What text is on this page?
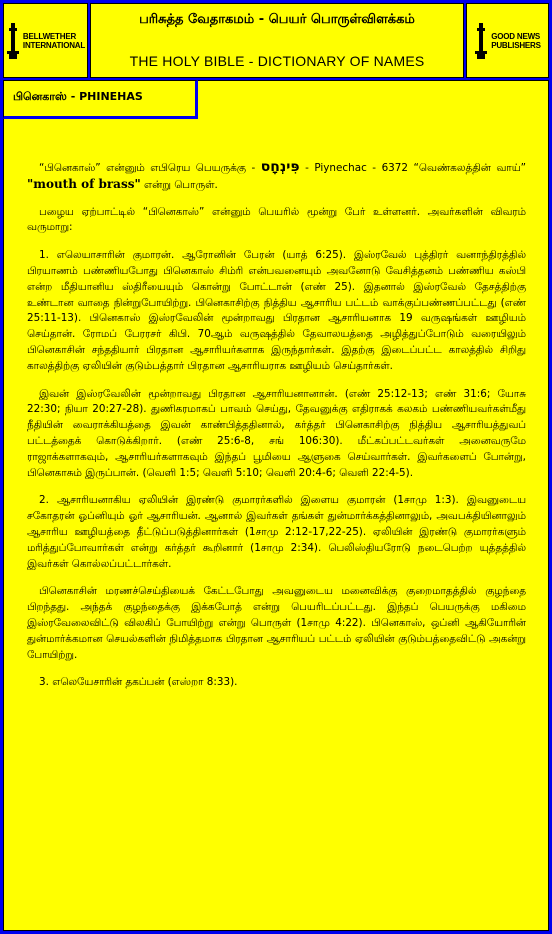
BELLWETHER
INTERNATIONAL
பரிசுத்த வேதாகமம் - பெயர் பொருள்விளக்கம்
THE HOLY BIBLE - DICTIONARY OF NAMES
GOOD NEWS
PUBLISHERS
பினெகாஸ் - PHINEHAS

“பினெகாஸ்” என்னும் எபிரெய பெயருக்கு - פִּינְחָס - Piynechac - 6372 “வெண்கலத்தின் வாய்” "mouth of brass" என்று பொருள்.

பழைய ஏற்பாட்டில் “பினெகாஸ்” என்னும் பெயரில் மூன்று பேர் உள்ளனர். அவர்களின் விவரம் வருமாறு:

1. எலெயாசாரின் குமாரன். ஆரோனின் பேரன் (யாத் 6:25). இஸ்ரவேல் புத்திரர் வனாந்திரத்தில் பிரயாணம் பண்ணியபோது பினெகாஸ் சிம்ரி என்பவனையும் அவனோடு வேசித்தனம் பண்ணிய கஸ்பி என்ற மீதியானிய ஸ்திரீயையும் கொன்று போட்டான் (எண் 25). இதனால் இஸ்ரவேல் தேசத்திற்கு உண்டான வாதை நின்றுபோயிற்று. பினெகாசிற்கு நித்திய ஆசாரிய பட்டம் வாக்குப்பண்ணப்பட்டது (எண் 25:11-13). பினெகாஸ் இஸ்ரவேலின் மூன்றாவது பிரதான ஆசாரியனாக 19 வருஷங்கள் ஊழியம் செய்தான். ரோமப் பேரரசர் கிபி. 70ஆம் வருஷத்தில் தேவாலயத்தை அழித்துப்போடும் வரையிலும் பினெகாசின் சந்ததியார் பிரதான ஆசாரியர்களாக இருந்தார்கள். இதற்கு இடைப்பட்ட காலத்தில் சிறிது காலத்திற்கு ஏலியின் குடும்பத்தார் பிரதான ஆசாரியராக ஊழியம் செய்தார்கள்.

இவன் இஸ்ரவேலின் மூன்றாவது பிரதான ஆசாரியனானான். (எண் 25:12-13; எண் 31:6; யோசு 22:30; நியா 20:27-28). துணிகரமாகப் பாவம் செய்து, தேவனுக்கு எதிராகக் கலகம் பண்ணியவர்கள்மீது நீதியின் வைராக்கியத்தை இவன் காண்பித்ததினால், கர்த்தர் பினெகாசிற்கு நித்திய ஆசாரியத்துவப் பட்டத்தைக் கொடுக்கிறார். (எண் 25:6-8, சங் 106:30). மீட்கப்பட்டவர்கள் அனைவருமே ராஜாக்களாகவும், ஆசாரியர்களாகவும் இந்தப் பூமியை ஆளுகை செய்வார்கள். இவர்களைப் போன்று, பினெகாசும் இருப்பான். (வெளி 1:5; வெளி 5:10; வெளி 20:4-6; வெளி 22:4-5).

2. ஆசாரியனாகிய ஏலியின் இரண்டு குமாரர்களில் இளைய குமாரன் (1சாமு 1:3). இவனுடைய சகோதரன் ஓப்னியும் ஓர் ஆசாரியன். ஆனால் இவர்கள் தங்கள் துன்மார்க்கத்தினாலும், அவபக்தியினாலும் ஆசாரிய ஊழியத்தை தீட்டுப்படுத்தினார்கள் (1சாமு 2:12-17,22-25). ஏலியின் இரண்டு குமாரர்களும் மரித்துப்போவார்கள் என்று கர்த்தர் கூறினார் (1சாமு 2:34). பெலிஸ்தியரோடு நடைபெற்ற யுத்தத்தில் இவர்கள் கொல்லப்பட்டார்கள்.

பினெகாசின் மரணச்செய்தியைக் கேட்டபோது அவனுடைய மனைவிக்கு குறைமாதத்தில் குழந்தை பிறந்தது. அந்தக் குழந்தைக்கு இக்கபோத் என்று பெயரிடப்பட்டது. இந்தப் பெயருக்கு மகிமை இஸ்ரவேலைவிட்டு விலகிப் போயிற்று என்று பொருள் (1சாமு 4:22). பினெகாஸ், ஒப்னி ஆகியோரின் துன்மார்க்கமான செயல்களின் நிமித்தமாக பிரதான ஆசாரியப் பட்டம் ஏலியின் குடும்பத்தைவிட்டு அகன்று போயிற்று.

3. எலெயேசாரின் தகப்பன் (எஸ்றா 8:33).
